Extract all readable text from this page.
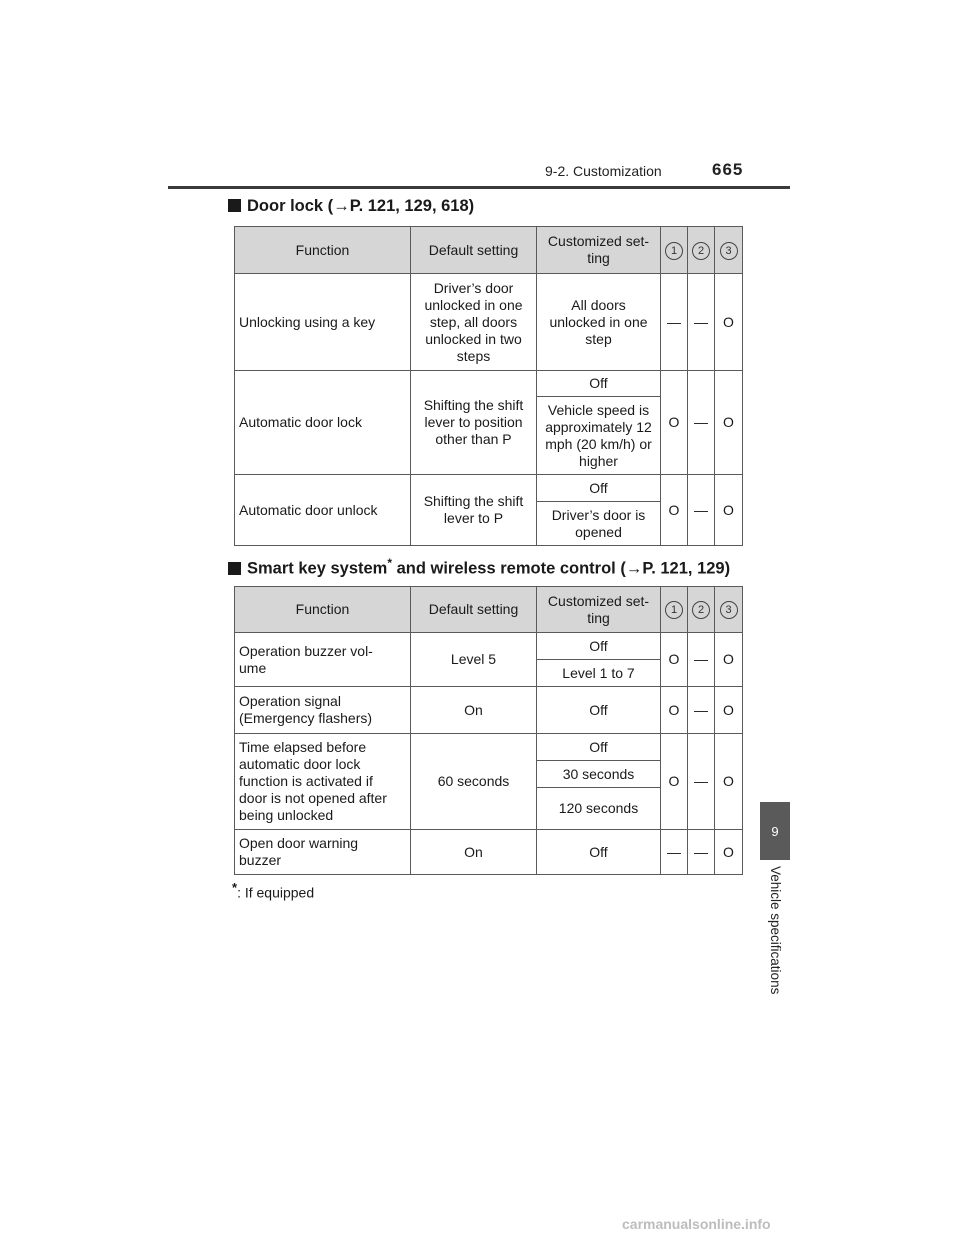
9-2. Customization	665
9
Vehicle specifications
Door lock (→P. 121, 129, 618)
Function	Default setting	Customized set-
ting	1	2	3
Unlocking using a key	Driver’s door
unlocked in one
step, all doors
unlocked in two
steps	All doors
unlocked in one
step	—	—	O
Automatic door lock	Shifting the shift
lever to position
other than P	Off	O	—	O
		Vehicle speed is
approximately 12
mph (20 km/h) or
higher			
Automatic door unlock	Shifting the shift
lever to P	Off	O	—	O
		Driver’s door is
opened			
Smart key system* and wireless remote control (→P. 121, 129)
Function	Default setting	Customized set-
ting	1	2	3
Operation buzzer vol-
ume	Level 5	Off	O	—	O
		Level 1 to 7			
Operation signal
(Emergency flashers)	On	Off	O	—	O
Time elapsed before
automatic door lock
function is activated if
door is not opened after
being unlocked	60 seconds	Off	O	—	O
		30 seconds			
		120 seconds			
Open door warning
buzzer	On	Off	—	—	O
*: If equipped
carmanualsonline.info
